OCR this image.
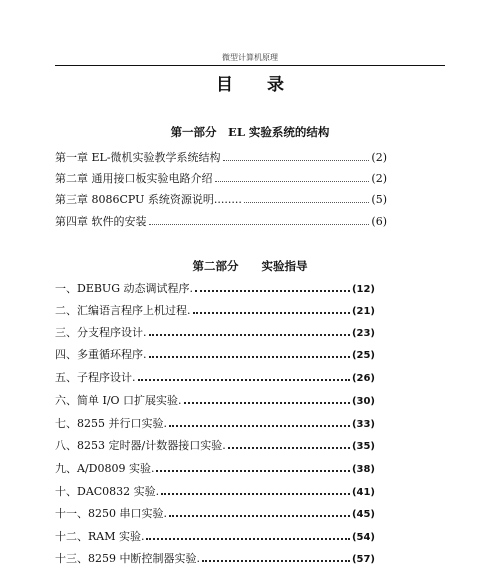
微型计算机原理
目 录
第一部分　EL 实验系统的结构
第一章 EL-微机实验教学系统结构	(2)
第二章 通用接口板实验电路介绍	(2)
第三章 8086CPU 系统资源说明........	(5)
第四章 软件的安装	(6)
第二部分　　实验指导
一、DEBUG 动态调试程序.	(12)
二、汇编语言程序上机过程.	(21)
三、分支程序设计.	(23)
四、多重循环程序.	(25)
五、子程序设计.	(26)
六、简单 I/O 口扩展实验.	(30)
七、8255 并行口实验.	(33)
八、8253 定时器/计数器接口实验.	(35)
九、A/D0809 实验.	(38)
十、DAC0832 实验.	(41)
十一、8250 串口实验.	(45)
十二、RAM 实验.	(54)
十三、8259 中断控制器实验.	(57)
